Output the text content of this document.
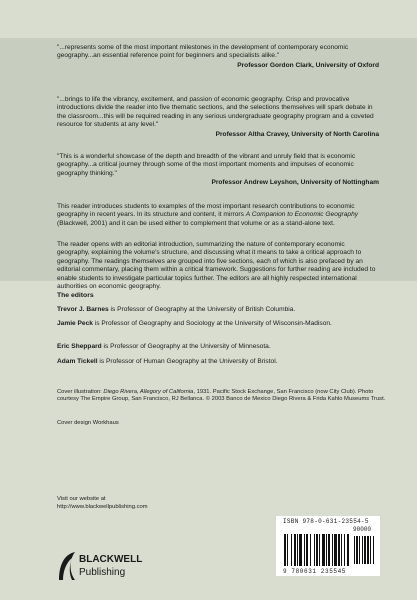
"...represents some of the most important milestones in the development of contemporary economic geography...an essential reference point for beginners and specialists alike."
Professor Gordon Clark, University of Oxford
"...brings to life the vibrancy, excitement, and passion of economic geography. Crisp and provocative introductions divide the reader into five thematic sections, and the selections themselves will spark debate in the classroom...this will be required reading in any serious undergraduate geography program and a coveted resource for students at any level."
Professor Altha Cravey, University of North Carolina
"This is a wonderful showcase of the depth and breadth of the vibrant and unruly field that is economic geography...a critical journey through some of the most important moments and impulses of economic geography thinking."
Professor Andrew Leyshon, University of Nottingham

This reader introduces students to examples of the most important research contributions to economic geography in recent years. In its structure and content, it mirrors A Companion to Economic Geography (Blackwell, 2001) and it can be used either to complement that volume or as a stand-alone text.

The reader opens with an editorial introduction, summarizing the nature of contemporary economic geography, explaining the volume's structure, and discussing what it means to take a critical approach to geography. The readings themselves are grouped into five sections, each of which is also prefaced by an editorial commentary, placing them within a critical framework. Suggestions for further reading are included to enable students to investigate particular topics further. The editors are all highly respected international authorities on economic geography.

The editors
Trevor J. Barnes is Professor of Geography at the University of British Columbia.
Jamie Peck is Professor of Geography and Sociology at the University of Wisconsin-Madison.
Eric Sheppard is Professor of Geography at the University of Minnesota.
Adam Tickell is Professor of Human Geography at the University of Bristol.
Cover illustration: Diego Rivera, Allegory of California, 1931. Pacific Stock Exchange, San Francisco (now City Club). Photo courtesy The Empire Group, San Francisco, RJ Bellanca. © 2003 Banco de Mexico Diego Rivera & Frida Kahlo Museums Trust.
Cover design Workhaus
Visit our website at
http://www.blackwellpublishing.com
BLACKWELL
Publishing
ISBN 978-0-631-23554-5
90000
9 780631 235545
